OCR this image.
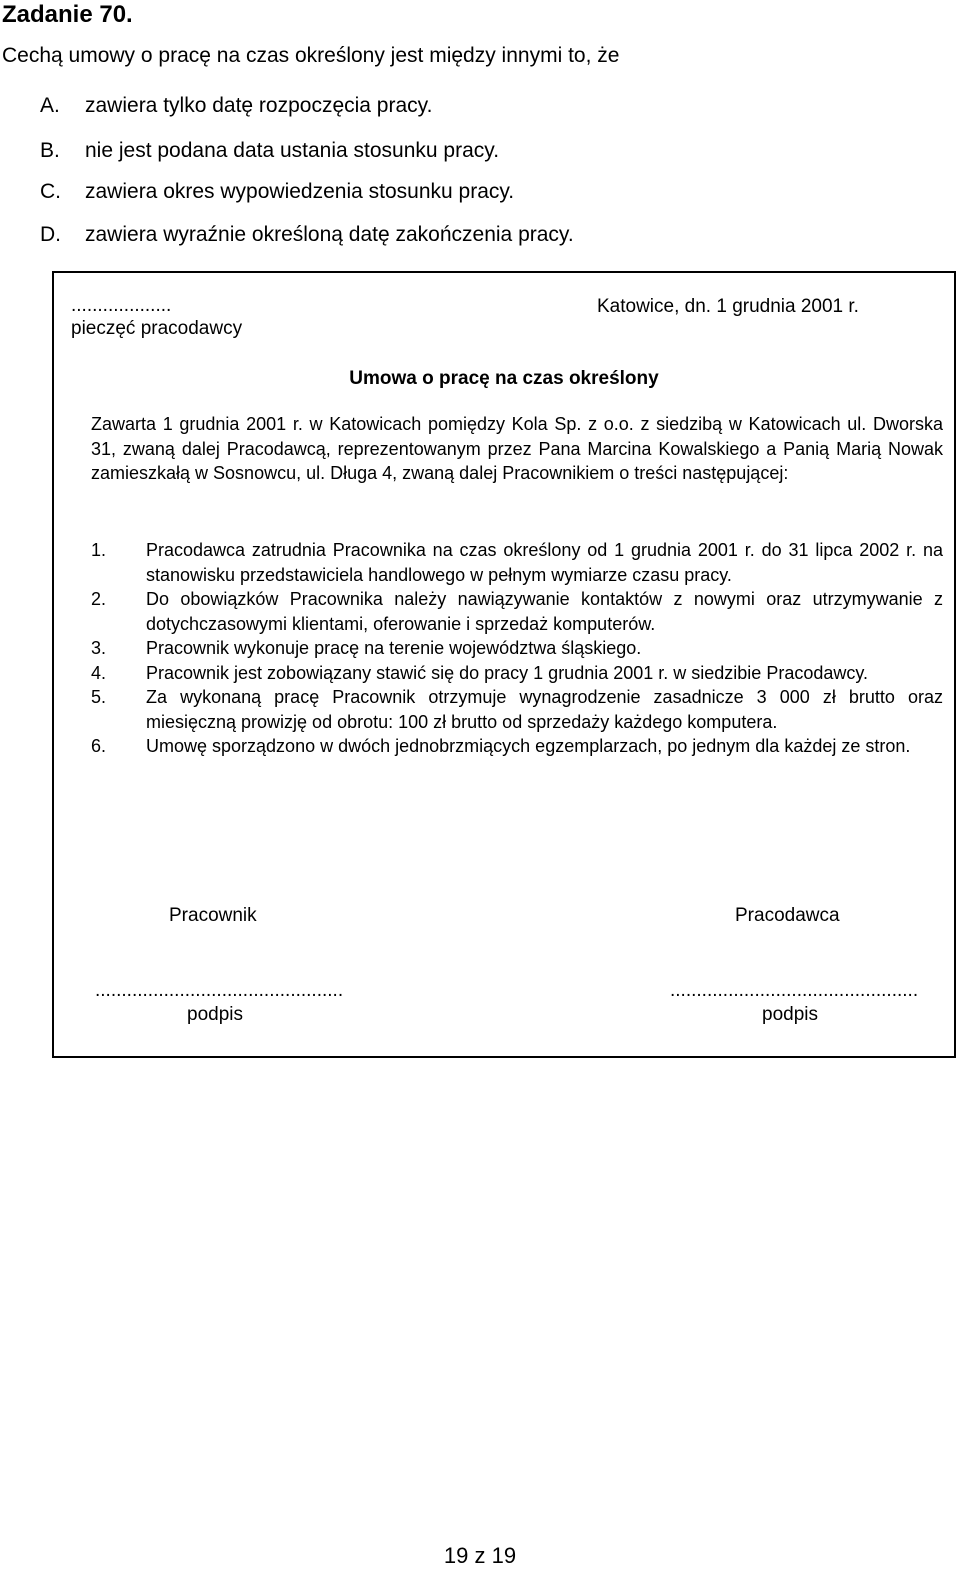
Zadanie 70.
Cechą umowy o pracę na czas określony jest między innymi to, że
A. zawiera tylko datę rozpoczęcia pracy.
B. nie jest podana data ustania stosunku pracy.
C. zawiera okres wypowiedzenia stosunku pracy.
D. zawiera wyraźnie określoną datę zakończenia pracy.
...................
pieczęć pracodawcy
Katowice, dn. 1 grudnia 2001 r.
Umowa o pracę na czas określony

Zawarta 1 grudnia 2001 r. w Katowicach pomiędzy Kola Sp. z o.o. z siedzibą w Katowicach ul. Dworska 31, zwaną dalej Pracodawcą, reprezentowanym przez Pana Marcina Kowalskiego a Panią Marią Nowak zamieszkałą w Sosnowcu, ul. Długa 4, zwaną dalej Pracownikiem o treści następującej:

1.	Pracodawca zatrudnia Pracownika na czas określony od 1 grudnia 2001 r. do 31 lipca 2002 r. na stanowisku przedstawiciela handlowego w pełnym wymiarze czasu pracy.
2.	Do obowiązków Pracownika należy nawiązywanie kontaktów z nowymi oraz utrzymywanie z dotychczasowymi klientami, oferowanie i sprzedaż komputerów.
3.	Pracownik wykonuje pracę na terenie województwa śląskiego.
4.	Pracownik jest zobowiązany stawić się do pracy 1 grudnia 2001 r. w siedzibie Pracodawcy.
5.	Za wykonaną pracę Pracownik otrzymuje wynagrodzenie zasadnicze 3 000 zł brutto oraz miesięczną prowizję od obrotu: 100 zł brutto od sprzedaży każdego komputera.
6.	Umowę sporządzono w dwóch jednobrzmiących egzemplarzach, po jednym dla każdej ze stron.
Pracownik	Pracodawca
...............................................	...............................................
podpis	podpis
19 z 19
